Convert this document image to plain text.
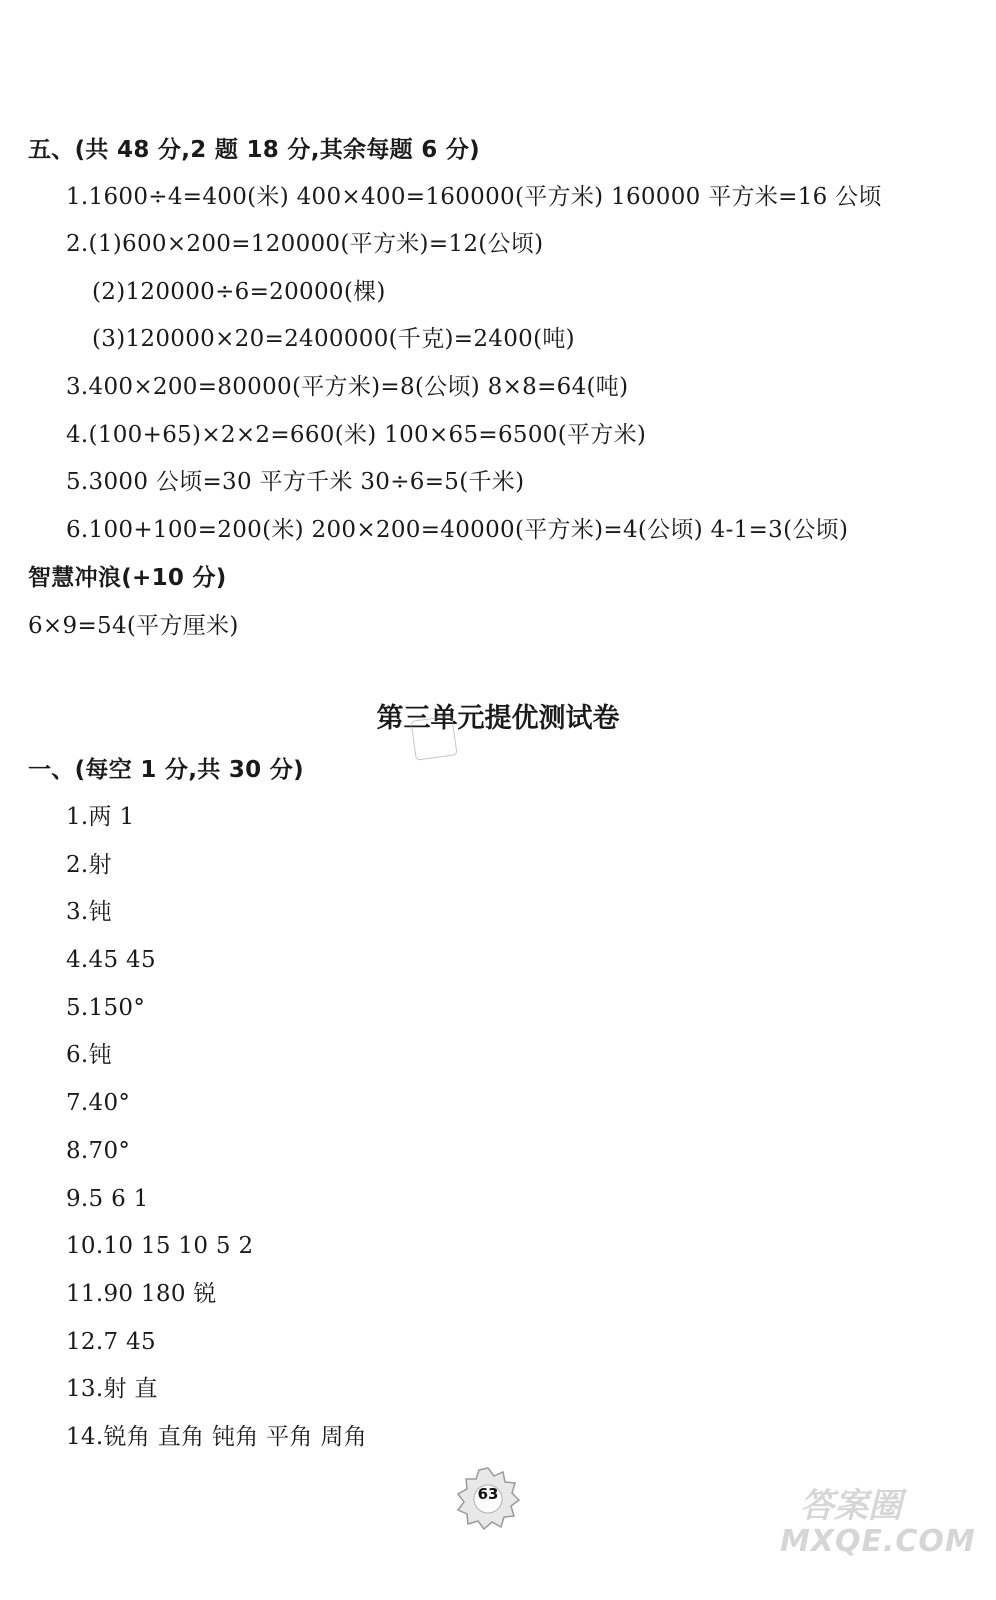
五、(共 48 分,2 题 18 分,其余每题 6 分)
1.1600÷4=400(米) 400×400=160000(平方米) 160000 平方米=16 公顷
2.(1)600×200=120000(平方米)=12(公顷)
(2)120000÷6=20000(棵)
(3)120000×20=2400000(千克)=2400(吨)
3.400×200=80000(平方米)=8(公顷) 8×8=64(吨)
4.(100+65)×2×2=660(米) 100×65=6500(平方米)
5.3000 公顷=30 平方千米 30÷6=5(千米)
6.100+100=200(米) 200×200=40000(平方米)=4(公顷) 4-1=3(公顷)
智慧冲浪(+10 分)
6×9=54(平方厘米)
第三单元提优测试卷
一、(每空 1 分,共 30 分)
1.两 1
2.射
3.钝
4.45 45
5.150°
6.钝
7.40°
8.70°
9.5 6 1
10.10 15 10 5 2
11.90 180 锐
12.7 45
13.射 直
14.锐角 直角 钝角 平角 周角
63	答案圈
MXQE.COM
